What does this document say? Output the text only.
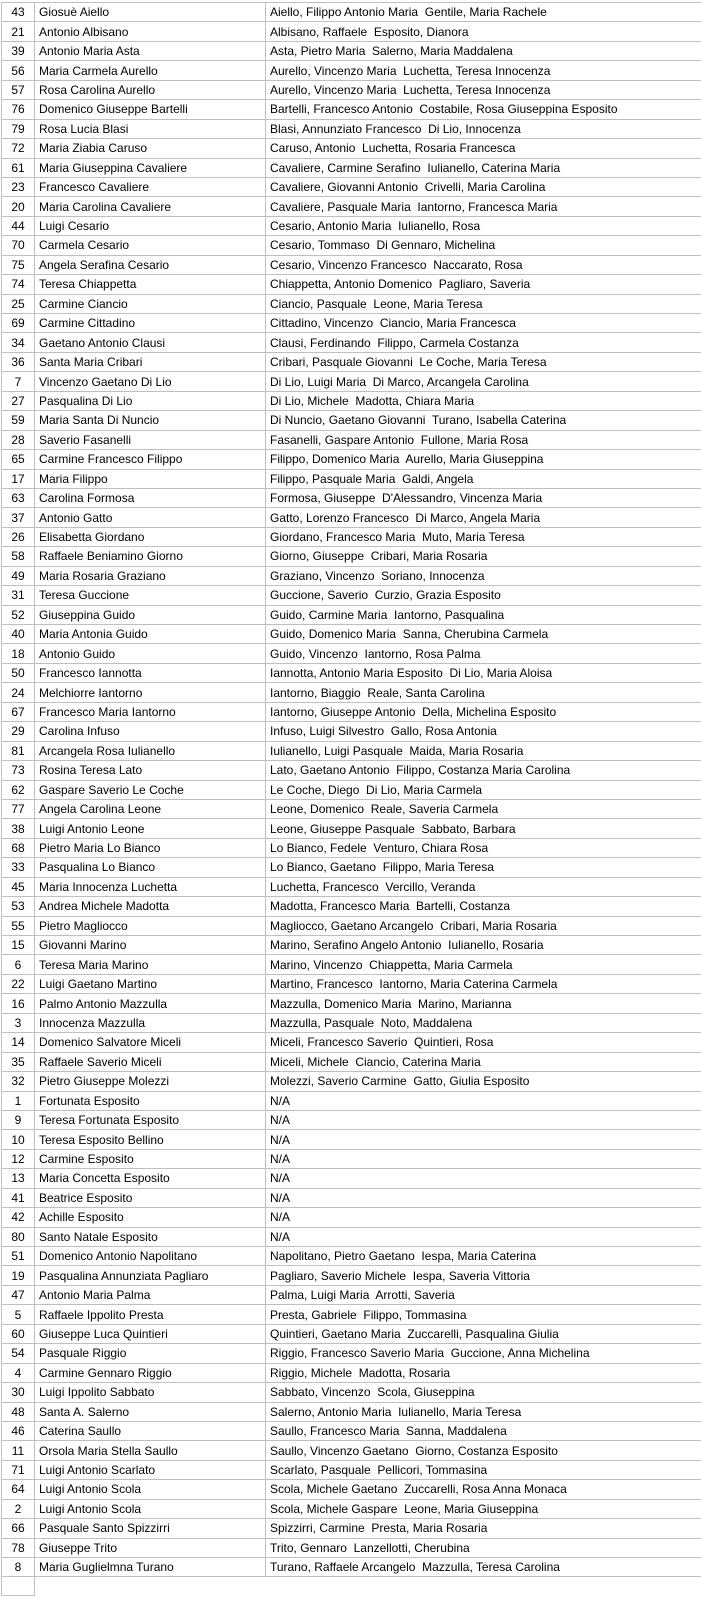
43	Giosuè Aiello	Aiello, Filippo Antonio Maria  Gentile, Maria Rachele
21	Antonio Albisano	Albisano, Raffaele  Esposito, Dianora
39	Antonio Maria Asta	Asta, Pietro Maria  Salerno, Maria Maddalena
56	Maria Carmela Aurello	Aurello, Vincenzo Maria  Luchetta, Teresa Innocenza
57	Rosa Carolina Aurello	Aurello, Vincenzo Maria  Luchetta, Teresa Innocenza
76	Domenico Giuseppe Bartelli	Bartelli, Francesco Antonio  Costabile, Rosa Giuseppina Esposito
79	Rosa Lucia Blasi	Blasi, Annunziato Francesco  Di Lio, Innocenza
72	Maria Ziabia Caruso	Caruso, Antonio  Luchetta, Rosaria Francesca
61	Maria Giuseppina Cavaliere	Cavaliere, Carmine Serafino  Iulianello, Caterina Maria
23	Francesco Cavaliere	Cavaliere, Giovanni Antonio  Crivelli, Maria Carolina
20	Maria Carolina Cavaliere	Cavaliere, Pasquale Maria  Iantorno, Francesca Maria
44	Luigi Cesario	Cesario, Antonio Maria  Iulianello, Rosa
70	Carmela Cesario	Cesario, Tommaso  Di Gennaro, Michelina
75	Angela Serafina Cesario	Cesario, Vincenzo Francesco  Naccarato, Rosa
74	Teresa Chiappetta	Chiappetta, Antonio Domenico  Pagliaro, Saveria
25	Carmine Ciancio	Ciancio, Pasquale  Leone, Maria Teresa
69	Carmine Cittadino	Cittadino, Vincenzo  Ciancio, Maria Francesca
34	Gaetano Antonio Clausi	Clausi, Ferdinando  Filippo, Carmela Costanza
36	Santa Maria Cribari	Cribari, Pasquale Giovanni  Le Coche, Maria Teresa
7	Vincenzo Gaetano Di Lio	Di Lio, Luigi Maria  Di Marco, Arcangela Carolina
27	Pasqualina Di Lio	Di Lio, Michele  Madotta, Chiara Maria
59	Maria Santa Di Nuncio	Di Nuncio, Gaetano Giovanni  Turano, Isabella Caterina
28	Saverio Fasanelli	Fasanelli, Gaspare Antonio  Fullone, Maria Rosa
65	Carmine Francesco Filippo	Filippo, Domenico Maria  Aurello, Maria Giuseppina
17	Maria Filippo	Filippo, Pasquale Maria  Galdi, Angela
63	Carolina Formosa	Formosa, Giuseppe  D'Alessandro, Vincenza Maria
37	Antonio Gatto	Gatto, Lorenzo Francesco  Di Marco, Angela Maria
26	Elisabetta Giordano	Giordano, Francesco Maria  Muto, Maria Teresa
58	Raffaele Beniamino Giorno	Giorno, Giuseppe  Cribari, Maria Rosaria
49	Maria Rosaria Graziano	Graziano, Vincenzo  Soriano, Innocenza
31	Teresa Guccione	Guccione, Saverio  Curzio, Grazia Esposito
52	Giuseppina Guido	Guido, Carmine Maria  Iantorno, Pasqualina
40	Maria Antonia Guido	Guido, Domenico Maria  Sanna, Cherubina Carmela
18	Antonio Guido	Guido, Vincenzo  Iantorno, Rosa Palma
50	Francesco Iannotta	Iannotta, Antonio Maria Esposito  Di Lio, Maria Aloisa
24	Melchiorre Iantorno	Iantorno, Biaggio  Reale, Santa Carolina
67	Francesco Maria Iantorno	Iantorno, Giuseppe Antonio  Della, Michelina Esposito
29	Carolina Infuso	Infuso, Luigi Silvestro  Gallo, Rosa Antonia
81	Arcangela Rosa Iulianello	Iulianello, Luigi Pasquale  Maida, Maria Rosaria
73	Rosina Teresa Lato	Lato, Gaetano Antonio  Filippo, Costanza Maria Carolina
62	Gaspare Saverio Le Coche	Le Coche, Diego  Di Lio, Maria Carmela
77	Angela Carolina Leone	Leone, Domenico  Reale, Saveria Carmela
38	Luigi Antonio Leone	Leone, Giuseppe Pasquale  Sabbato, Barbara
68	Pietro Maria Lo Bianco	Lo Bianco, Fedele  Venturo, Chiara Rosa
33	Pasqualina Lo Bianco	Lo Bianco, Gaetano  Filippo, Maria Teresa
45	Maria Innocenza Luchetta	Luchetta, Francesco  Vercillo, Veranda
53	Andrea Michele Madotta	Madotta, Francesco Maria  Bartelli, Costanza
55	Pietro Magliocco	Magliocco, Gaetano Arcangelo  Cribari, Maria Rosaria
15	Giovanni Marino	Marino, Serafino Angelo Antonio  Iulianello, Rosaria
6	Teresa Maria Marino	Marino, Vincenzo  Chiappetta, Maria Carmela
22	Luigi Gaetano Martino	Martino, Francesco  Iantorno, Maria Caterina Carmela
16	Palmo Antonio Mazzulla	Mazzulla, Domenico Maria  Marino, Marianna
3	Innocenza Mazzulla	Mazzulla, Pasquale  Noto, Maddalena
14	Domenico Salvatore Miceli	Miceli, Francesco Saverio  Quintieri, Rosa
35	Raffaele Saverio Miceli	Miceli, Michele  Ciancio, Caterina Maria
32	Pietro Giuseppe Molezzi	Molezzi, Saverio Carmine  Gatto, Giulia Esposito
1	Fortunata Esposito	N/A
9	Teresa Fortunata Esposito	N/A
10	Teresa Esposito Bellino	N/A
12	Carmine Esposito	N/A
13	Maria Concetta Esposito	N/A
41	Beatrice Esposito	N/A
42	Achille Esposito	N/A
80	Santo Natale Esposito	N/A
51	Domenico Antonio Napolitano	Napolitano, Pietro Gaetano  Iespa, Maria Caterina
19	Pasqualina Annunziata Pagliaro	Pagliaro, Saverio Michele  Iespa, Saveria Vittoria
47	Antonio Maria Palma	Palma, Luigi Maria  Arrotti, Saveria
5	Raffaele Ippolito Presta	Presta, Gabriele  Filippo, Tommasina
60	Giuseppe Luca Quintieri	Quintieri, Gaetano Maria  Zuccarelli, Pasqualina Giulia
54	Pasquale Riggio	Riggio, Francesco Saverio Maria  Guccione, Anna Michelina
4	Carmine Gennaro Riggio	Riggio, Michele  Madotta, Rosaria
30	Luigi Ippolito Sabbato	Sabbato, Vincenzo  Scola, Giuseppina
48	Santa A. Salerno	Salerno, Antonio Maria  Iulianello, Maria Teresa
46	Caterina Saullo	Saullo, Francesco Maria  Sanna, Maddalena
11	Orsola Maria Stella Saullo	Saullo, Vincenzo Gaetano  Giorno, Costanza Esposito
71	Luigi Antonio Scarlato	Scarlato, Pasquale  Pellicori, Tommasina
64	Luigi Antonio Scola	Scola, Michele Gaetano  Zuccarelli, Rosa Anna Monaca
2	Luigi Antonio Scola	Scola, Michele Gaspare  Leone, Maria Giuseppina
66	Pasquale Santo Spizzirri	Spizzirri, Carmine  Presta, Maria Rosaria
78	Giuseppe Trito	Trito, Gennaro  Lanzellotti, Cherubina
8	Maria Guglielmna Turano	Turano, Raffaele Arcangelo  Mazzulla, Teresa Carolina
